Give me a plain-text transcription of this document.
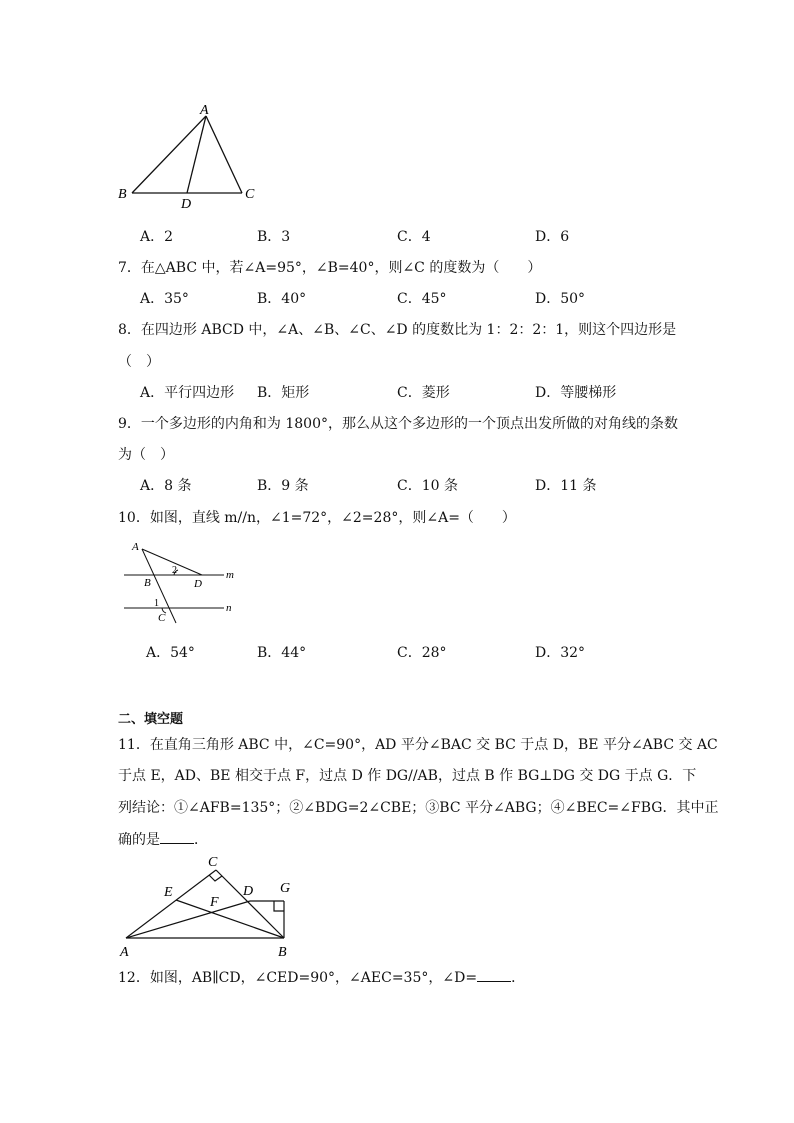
A
B	C
D
A．2	B．3	C．4	D．6
7．在△ABC 中，若∠A=95°，∠B=40°，则∠C 的度数为（　　）
A．35°	B．40°	C．45°	D．50°
8．在四边形 ABCD 中，∠A、∠B、∠C、∠D 的度数比为 1：2：2：1，则这个四边形是
（　）
A．平行四边形 B．矩形	C．菱形	D．等腰梯形
9．一个多边形的内角和为 1800°，那么从这个多边形的一个顶点出发所做的对角线的条数
为（　）
A．8 条	B．9 条	C．10 条	D．11 条
10．如图，直线 m//n，∠1=72°，∠2=28°，则∠A=（　　）
A
2
D
m
B
1	n
C
A．54°	B．44°	C．28°	D．32°
二、填空题
11．在直角三角形 ABC 中，∠C=90°，AD 平分∠BAC 交 BC 于点 D，BE 平分∠ABC 交 AC
于点 E，AD、BE 相交于点 F，过点 D 作 DG//AB，过点 B 作 BG⊥DG 交 DG 于点 G．下
列结论：①∠AFB=135°；②∠BDG=2∠CBE；③BC 平分∠ABG；④∠BEC=∠FBG．其中正
确的是 ．
A	B
C
D
E
F
G
12．如图，AB∥CD，∠CED=90°，∠AEC=35°，∠D= ．
